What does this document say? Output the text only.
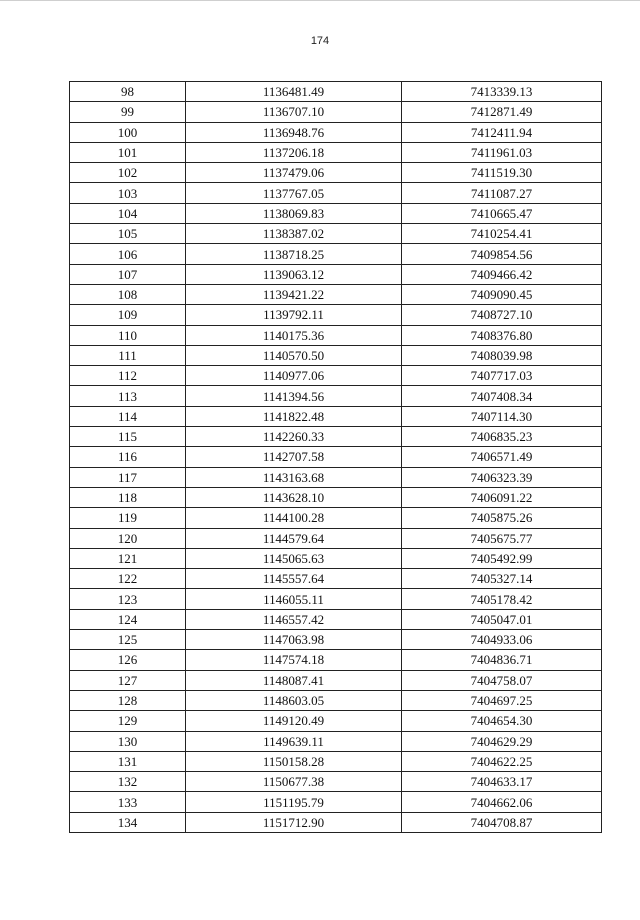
174
98	1136481.49	7413339.13
99	1136707.10	7412871.49
100	1136948.76	7412411.94
101	1137206.18	7411961.03
102	1137479.06	7411519.30
103	1137767.05	7411087.27
104	1138069.83	7410665.47
105	1138387.02	7410254.41
106	1138718.25	7409854.56
107	1139063.12	7409466.42
108	1139421.22	7409090.45
109	1139792.11	7408727.10
110	1140175.36	7408376.80
111	1140570.50	7408039.98
112	1140977.06	7407717.03
113	1141394.56	7407408.34
114	1141822.48	7407114.30
115	1142260.33	7406835.23
116	1142707.58	7406571.49
117	1143163.68	7406323.39
118	1143628.10	7406091.22
119	1144100.28	7405875.26
120	1144579.64	7405675.77
121	1145065.63	7405492.99
122	1145557.64	7405327.14
123	1146055.11	7405178.42
124	1146557.42	7405047.01
125	1147063.98	7404933.06
126	1147574.18	7404836.71
127	1148087.41	7404758.07
128	1148603.05	7404697.25
129	1149120.49	7404654.30
130	1149639.11	7404629.29
131	1150158.28	7404622.25
132	1150677.38	7404633.17
133	1151195.79	7404662.06
134	1151712.90	7404708.87
